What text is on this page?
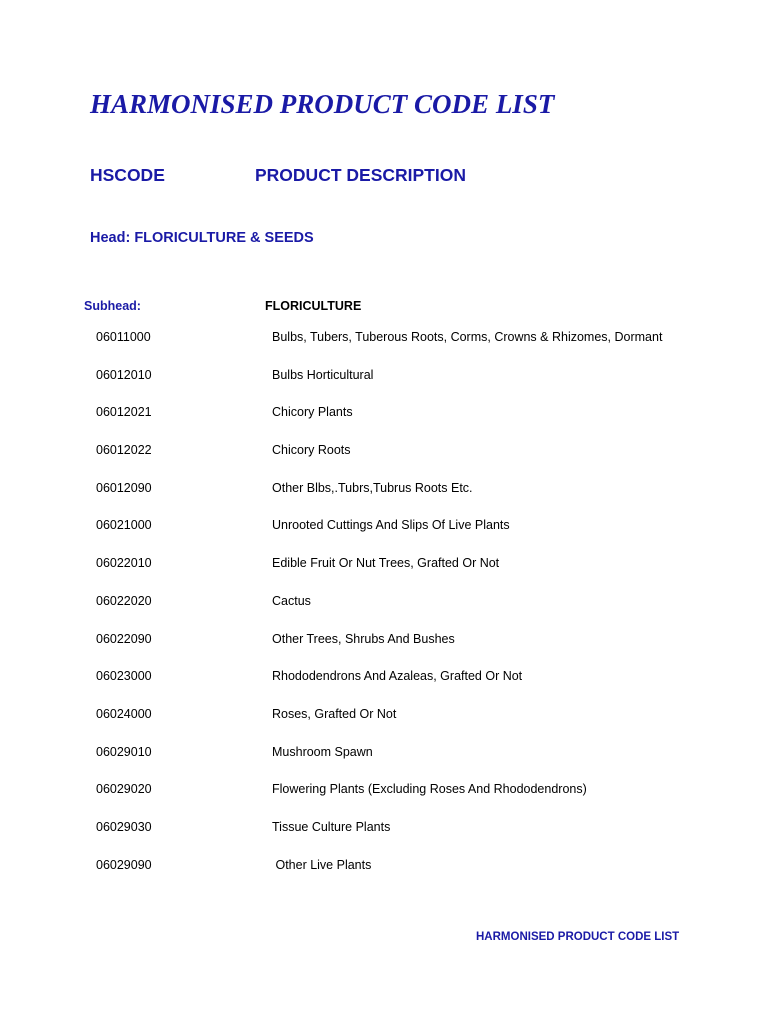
HARMONISED PRODUCT CODE LIST
HSCODE	PRODUCT DESCRIPTION
Head: FLORICULTURE & SEEDS
Subhead:	FLORICULTURE
06011000	Bulbs, Tubers, Tuberous Roots, Corms, Crowns & Rhizomes, Dormant
06012010	Bulbs Horticultural
06012021	Chicory Plants
06012022	Chicory Roots
06012090	Other Blbs,.Tubrs,Tubrus Roots Etc.
06021000	Unrooted Cuttings And Slips Of Live Plants
06022010	Edible Fruit Or Nut Trees, Grafted Or Not
06022020	Cactus
06022090	Other Trees, Shrubs And Bushes
06023000	Rhododendrons And Azaleas, Grafted Or Not
06024000	Roses, Grafted Or Not
06029010	Mushroom Spawn
06029020	Flowering Plants (Excluding Roses And Rhododendrons)
06029030	Tissue Culture Plants
06029090	Other Live Plants
HARMONISED PRODUCT CODE LIST
